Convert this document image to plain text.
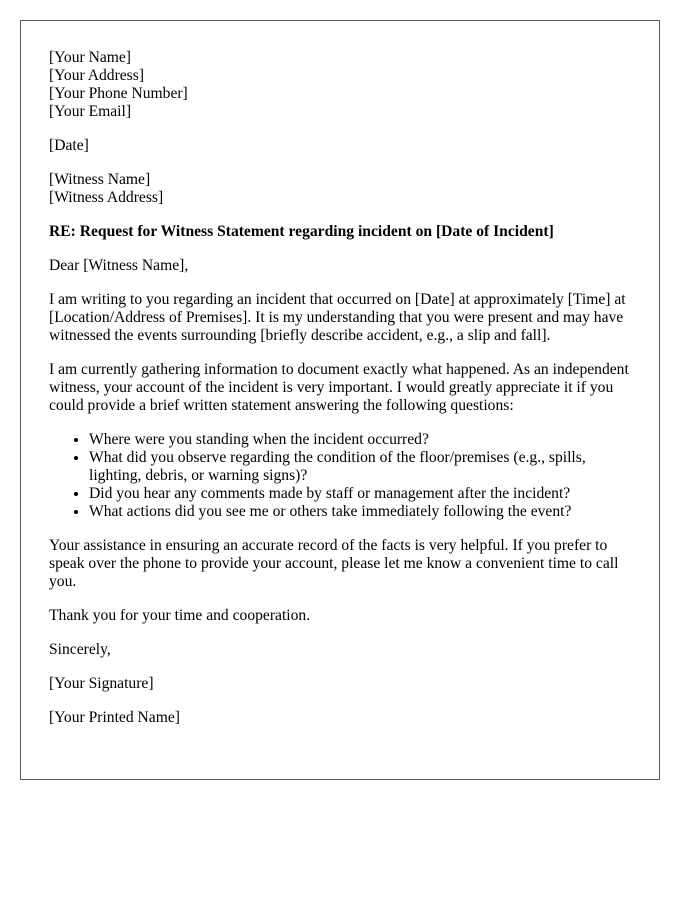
[Your Name]

[Your Address]

[Your Phone Number]

[Your Email]

[Date]

[Witness Name]

[Witness Address]

RE: Request for Witness Statement regarding incident on [Date of Incident]

Dear [Witness Name],

I am writing to you regarding an incident that occurred on [Date] at approximately [Time] at [Location/Address of Premises]. It is my understanding that you were present and may have witnessed the events surrounding [briefly describe accident, e.g., a slip and fall].

I am currently gathering information to document exactly what happened. As an independent witness, your account of the incident is very important. I would greatly appreciate it if you could provide a brief written statement answering the following questions:

• Where were you standing when the incident occurred?
• What did you observe regarding the condition of the floor/premises (e.g., spills, lighting, debris, or warning signs)?
• Did you hear any comments made by staff or management after the incident?
• What actions did you see me or others take immediately following the event?

Your assistance in ensuring an accurate record of the facts is very helpful. If you prefer to speak over the phone to provide your account, please let me know a convenient time to call you.

Thank you for your time and cooperation.

Sincerely,

[Your Signature]

[Your Printed Name]
